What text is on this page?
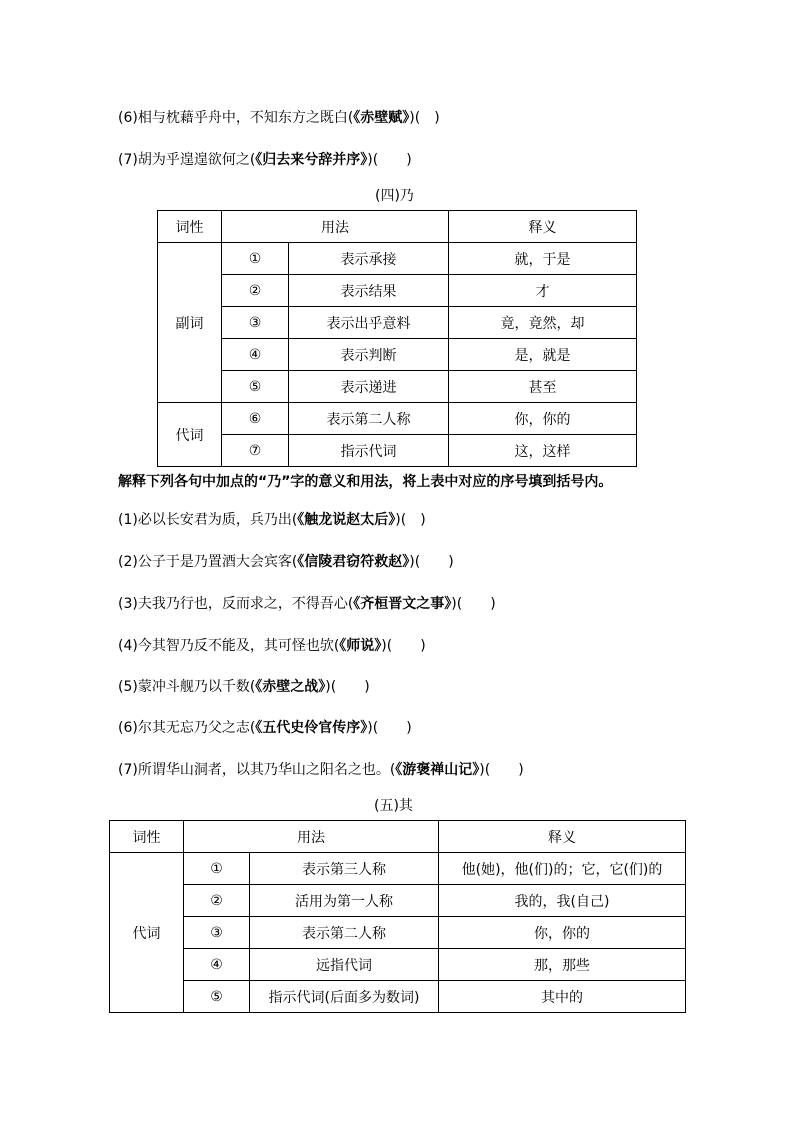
(6)相与枕藉乎舟中，不知东方之既白(《赤壁赋》)(　)
(7)胡为乎遑遑欲何之(《归去来兮辞并序》)(　　)
(四)乃
词性	用法		释义
副词	①	表示承接	就，于是
	②	表示结果	才
	③	表示出乎意料	竟，竟然，却
	④	表示判断	是，就是
	⑤	表示递进	甚至
代词	⑥	表示第二人称	你，你的
	⑦	指示代词	这，这样
解释下列各句中加点的“乃”字的意义和用法，将上表中对应的序号填到括号内。
(1)必以长安君为质，兵乃出(《触龙说赵太后》)(　)
(2)公子于是乃置酒大会宾客(《信陵君窃符救赵》)(　　)
(3)夫我乃行也，反而求之，不得吾心(《齐桓晋文之事》)(　　)
(4)今其智乃反不能及，其可怪也欤(《师说》)(　　)
(5)蒙冲斗舰乃以千数(《赤壁之战》)(　　)
(6)尔其无忘乃父之志(《五代史伶官传序》)(　　)
(7)所谓华山洞者，以其乃华山之阳名之也。(《游褒禅山记》)(　　)
(五)其
词性	用法		释义
代词	①	表示第三人称	他(她)，他(们)的；它，它(们)的
	②	活用为第一人称	我的，我(自己)
	③	表示第二人称	你，你的
	④	远指代词	那，那些
	⑤	指示代词(后面多为数词)	其中的
